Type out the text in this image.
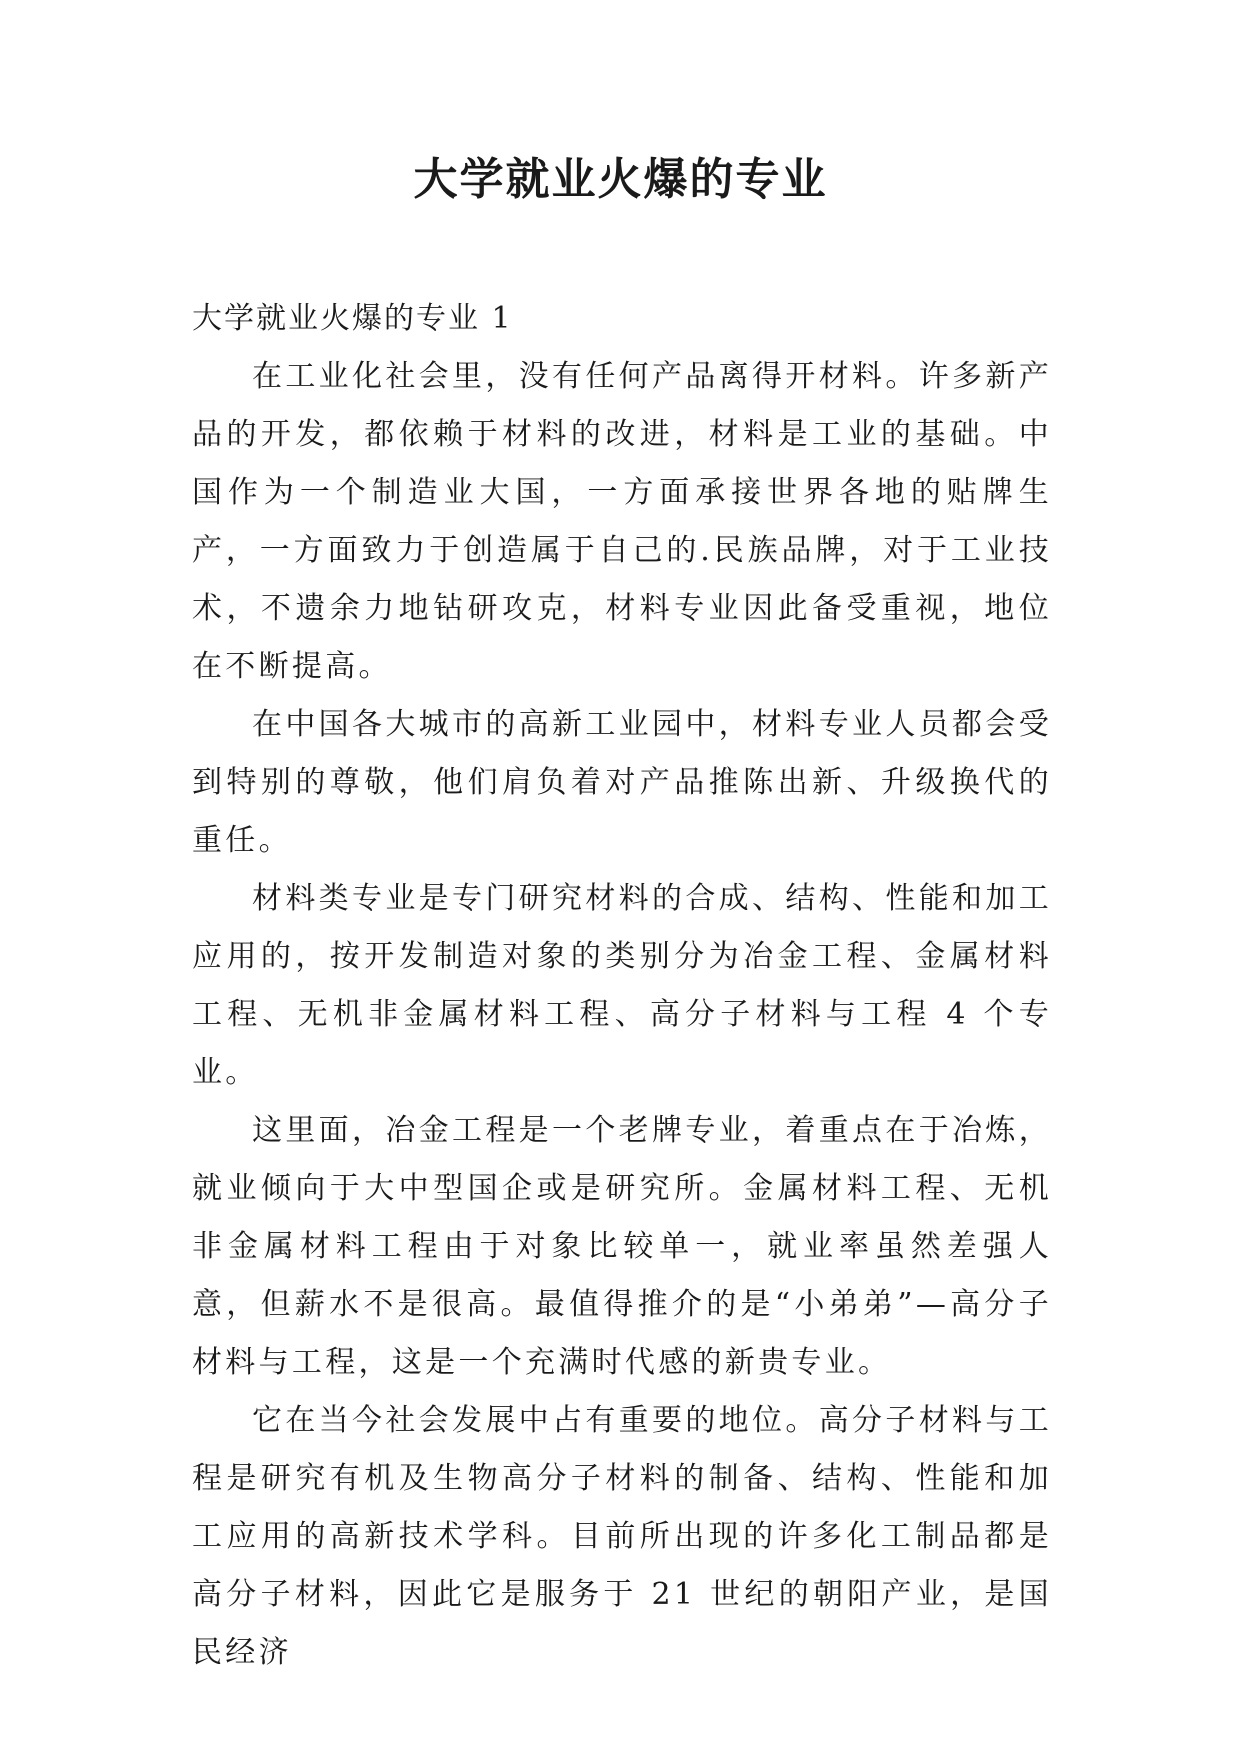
大学就业火爆的专业

大学就业火爆的专业 1

在工业化社会里，没有任何产品离得开材料。许多新产品的开发，都依赖于材料的改进，材料是工业的基础。中国作为一个制造业大国，一方面承接世界各地的贴牌生产，一方面致力于创造属于自己的.民族品牌，对于工业技术，不遗余力地钻研攻克，材料专业因此备受重视，地位在不断提高。

在中国各大城市的高新工业园中，材料专业人员都会受到特别的尊敬，他们肩负着对产品推陈出新、升级换代的重任。

材料类专业是专门研究材料的合成、结构、性能和加工应用的，按开发制造对象的类别分为冶金工程、金属材料工程、无机非金属材料工程、高分子材料与工程 4 个专业。

这里面，冶金工程是一个老牌专业，着重点在于冶炼，就业倾向于大中型国企或是研究所。金属材料工程、无机非金属材料工程由于对象比较单一，就业率虽然差强人意，但薪水不是很高。最值得推介的是“小弟弟”—高分子材料与工程，这是一个充满时代感的新贵专业。

它在当今社会发展中占有重要的地位。高分子材料与工程是研究有机及生物高分子材料的制备、结构、性能和加工应用的高新技术学科。目前所出现的许多化工制品都是高分子材料，因此它是服务于 21 世纪的朝阳产业，是国民经济
